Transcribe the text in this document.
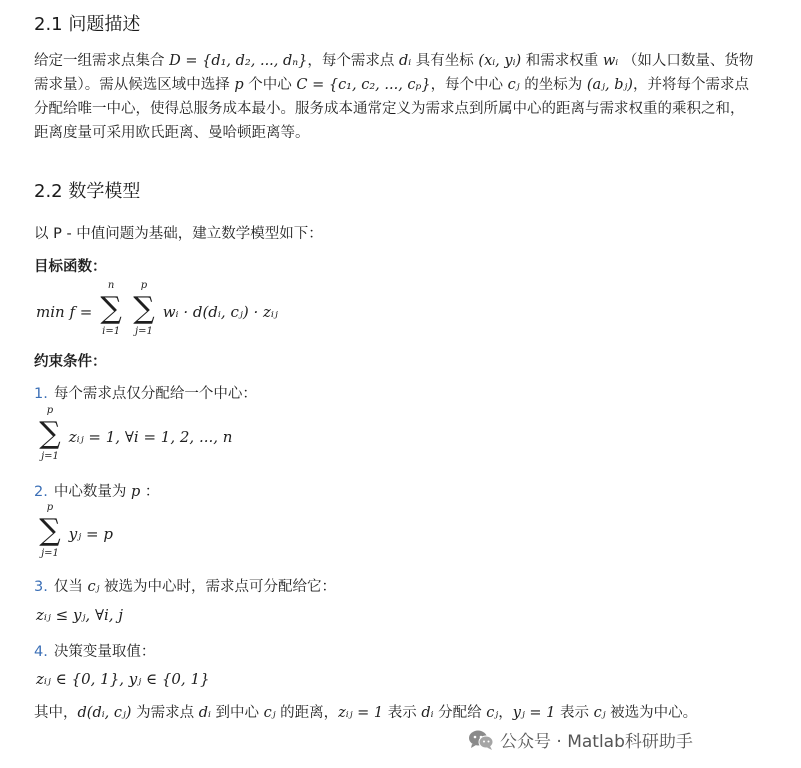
2.1 问题描述
给定一组需求点集合 D = {d₁, d₂, ..., dₙ}，每个需求点 dᵢ 具有坐标 (xᵢ, yᵢ) 和需求权重 wᵢ （如人口数量、货物需求量）。需从候选区域中选择 p 个中心 C = {c₁, c₂, ..., cₚ}，每个中心 cⱼ 的坐标为 (aⱼ, bⱼ)，并将每个需求点分配给唯一中心，使得总服务成本最小。服务成本通常定义为需求点到所属中心的距离与需求权重的乘积之和，距离度量可采用欧氏距离、曼哈顿距离等。
2.2 数学模型
以 P - 中值问题为基础，建立数学模型如下：
目标函数：
min f =
n
∑
i=1

p
∑
j=1
wᵢ · d(dᵢ, cⱼ) · zᵢⱼ
约束条件：
1. 每个需求点仅分配给一个中心：
p
∑
j=1
zᵢⱼ = 1, ∀i = 1, 2, ..., n
2. 中心数量为 p ：
p
∑
j=1
yⱼ = p
3. 仅当 cⱼ 被选为中心时，需求点可分配给它：
zᵢⱼ ≤ yⱼ, ∀i, j
4. 决策变量取值：
zᵢⱼ ∈ {0, 1}, yⱼ ∈ {0, 1}
其中，d(dᵢ, cⱼ) 为需求点 dᵢ 到中心 cⱼ 的距离，zᵢⱼ = 1 表示 dᵢ 分配给 cⱼ，yⱼ = 1 表示 cⱼ 被选为中心。
公众号 · Matlab科研助手
